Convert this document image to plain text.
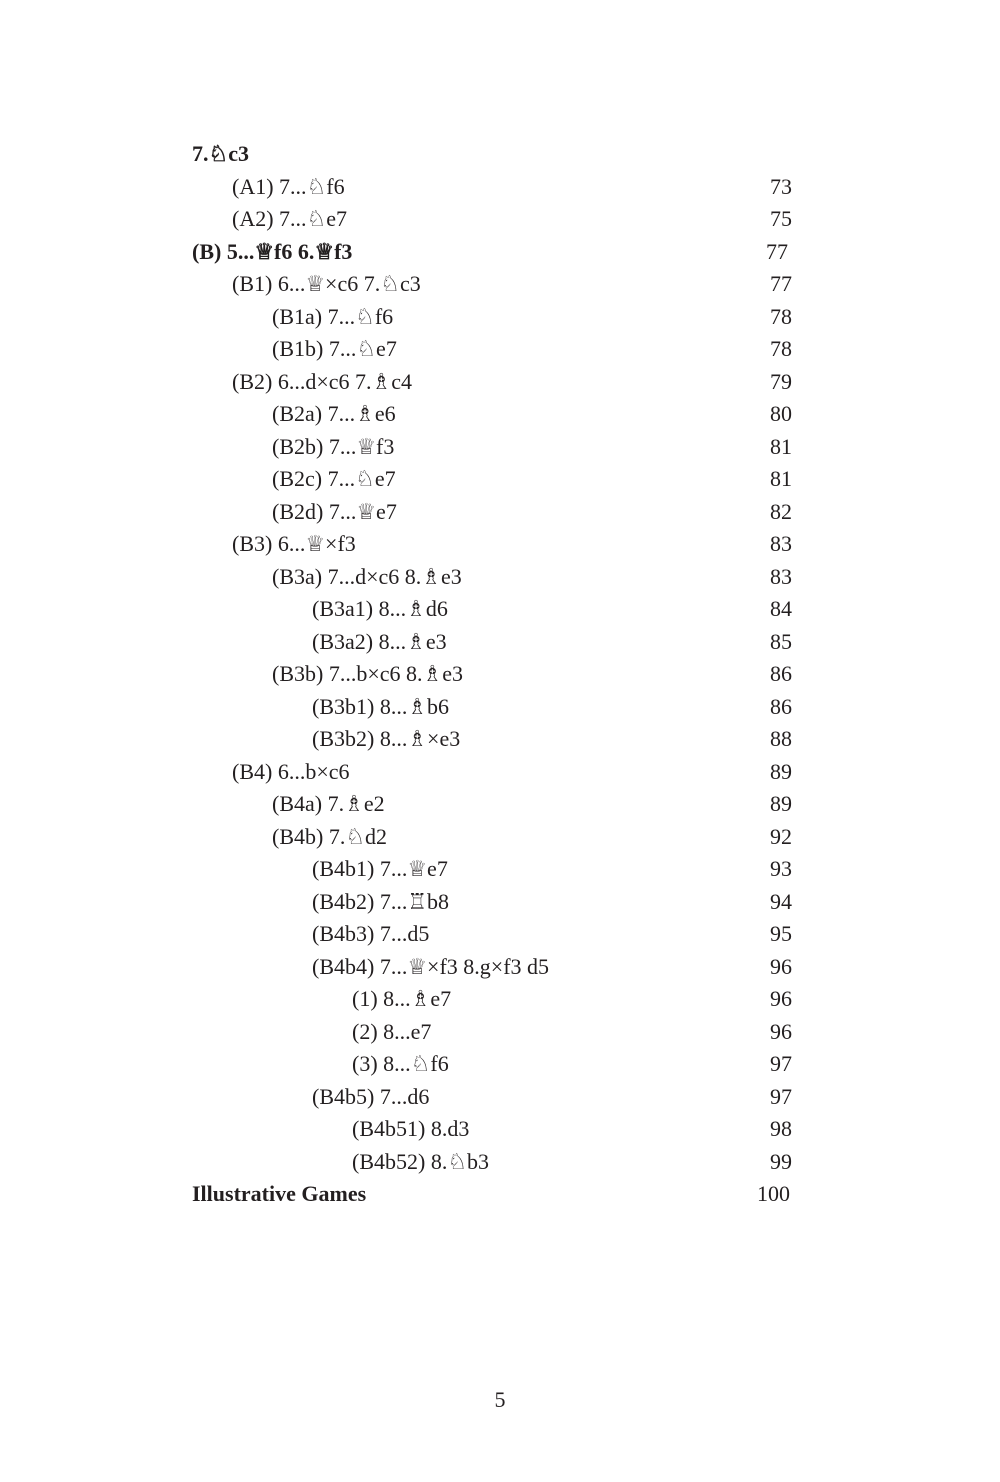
7.♘c3
(A1) 7...♘f6	73
(A2) 7...♘e7	75
(B) 5...♕f6 6.♕f3	77
(B1) 6...♕×c6 7.♘c3	77
(B1a) 7...♘f6	78
(B1b) 7...♘e7	78
(B2) 6...d×c6 7.♗c4	79
(B2a) 7...♗e6	80
(B2b) 7...♕f3	81
(B2c) 7...♘e7	81
(B2d) 7...♕e7	82
(B3) 6...♕×f3	83
(B3a) 7...d×c6 8.♗e3	83
(B3a1) 8...♗d6	84
(B3a2) 8...♗e3	85
(B3b) 7...b×c6 8.♗e3	86
(B3b1) 8...♗b6	86
(B3b2) 8...♗×e3	88
(B4) 6...b×c6	89
(B4a) 7.♗e2	89
(B4b) 7.♘d2	92
(B4b1) 7...♕e7	93
(B4b2) 7...♖b8	94
(B4b3) 7...d5	95
(B4b4) 7...♕×f3 8.g×f3 d5	96
(1) 8...♗e7	96
(2) 8...e7	96
(3) 8...♘f6	97
(B4b5) 7...d6	97
(B4b51) 8.d3	98
(B4b52) 8.♘b3	99
Illustrative Games	100
5
